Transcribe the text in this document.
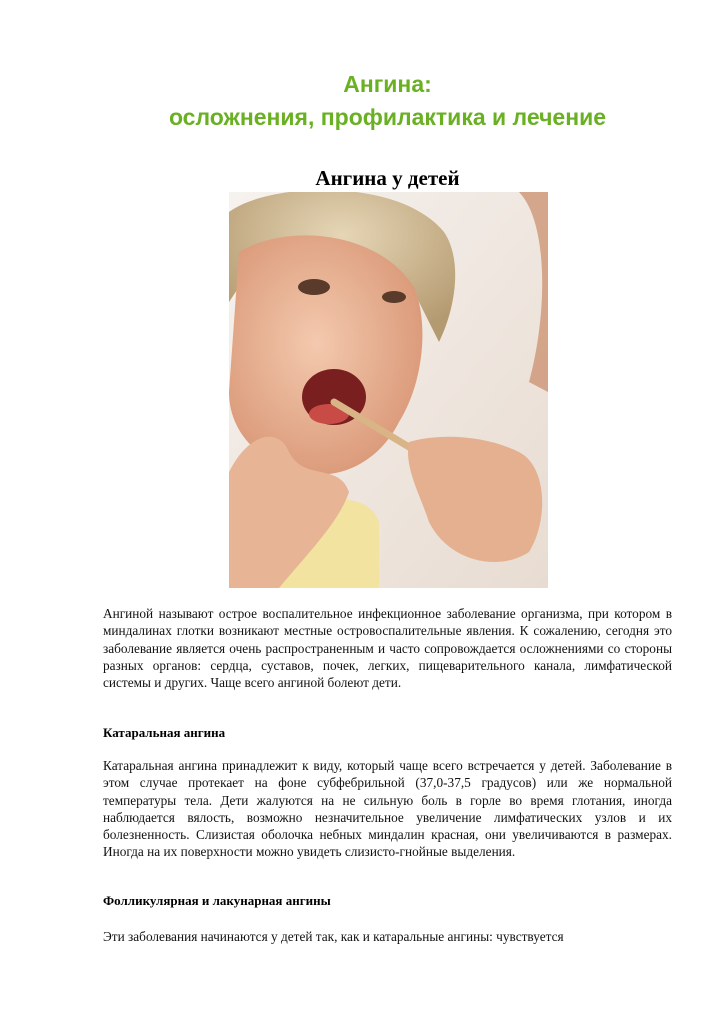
Ангина:
осложнения, профилактика и лечение
Ангина у детей

Ангиной называют острое воспалительное инфекционное заболевание организма, при котором в миндалинах глотки возникают местные островоспалительные явления. К сожалению, сегодня это заболевание является очень распространенным и часто сопровождается осложнениями со стороны разных органов: сердца, суставов, почек, легких, пищеварительного канала, лимфатической системы и других. Чаще всего ангиной болеют дети.

Катаральная ангина

Катаральная ангина принадлежит к виду, который чаще всего встречается у детей. Заболевание в этом случае протекает на фоне субфебрильной (37,0-37,5 градусов) или же нормальной температуры тела. Дети жалуются на не сильную боль в горле во время глотания, иногда наблюдается вялость, возможно незначительное увеличение лимфатических узлов и их болезненность. Слизистая оболочка небных миндалин красная, они увеличиваются в размерах. Иногда на их поверхности можно увидеть слизисто-гнойные выделения.

Фолликулярная и лакунарная ангины

Эти заболевания начинаются у детей так, как и катаральные ангины: чувствуется
